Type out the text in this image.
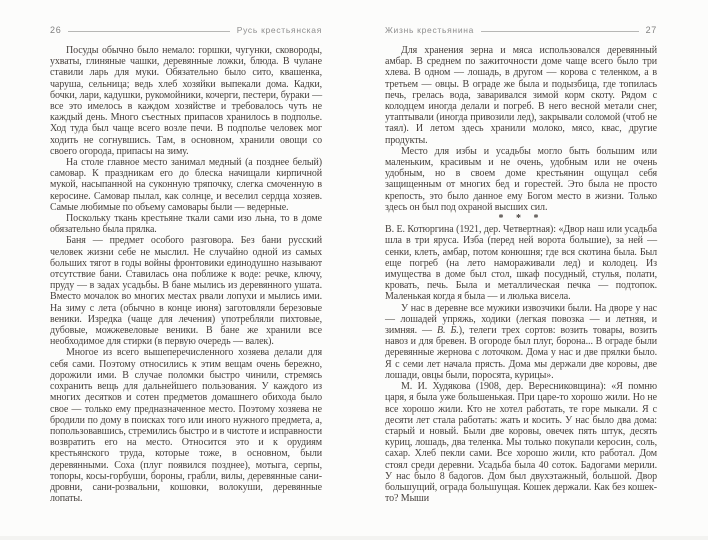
26	Русь крестьянская

Посуды обычно было немало: горшки, чугунки, сковороды, ухваты, глиняные чашки, деревянные ложки, блюда. В чулане ставили ларь для муки. Обязательно было сито, квашенка, чаруша, сельница; ведь хлеб хозяйки выпекали дома. Кадки, бочки, лари, кадушки, рукомойники, кочерги, пестери, бураки — все это имелось в каждом хозяйстве и требовалось чуть не каждый день. Много съестных припасов хранилось в подполье. Ход туда был чаще всего возле печи. В подполье человек мог ходить не согнувшись. Там, в основном, хранили овощи со своего огорода, припасы на зиму.

На столе главное место занимал медный (а позднее белый) самовар. К праздникам его до блеска начищали кирпичной мукой, насыпанной на суконную тряпочку, слегка смоченную в керосине. Самовар пылал, как солнце, и веселил сердца хозяев. Самые любимые по объему самовары были — ведерные.

Поскольку ткань крестьяне ткали сами изо льна, то в доме обязательно была прялка.

Баня — предмет особого разговора. Без бани русский человек жизни себе не мыслил. Не случайно одной из самых больших тягот в годы войны фронтовики единодушно называют отсутствие бани. Ставилась она поближе к воде: речке, ключу, пруду — в задах усадьбы. В бане мылись из деревянного ушата. Вместо мочалок во многих местах рвали лопухи и мылись ими. На зиму с лета (обычно в конце июня) заготовляли березовые веники. Изредка (чаще для лечения) употребляли пихтовые, дубовые, можжевеловые веники. В бане же хранили все необходимое для стирки (в первую очередь — валек).

Многое из всего вышеперечисленного хозяева делали для себя сами. Поэтому относились к этим вещам очень бережно, дорожили ими. В случае поломки быстро чинили, стремясь сохранить вещь для дальнейшего пользования. У каждого из многих десятков и сотен предметов домашнего обихода было свое — только ему предназначенное место. Поэтому хозяева не бродили по дому в поисках того или иного нужного предмета, а, попользовавшись, стремились быстро и в чистоте и исправности возвратить его на место. Относится это и к орудиям крестьянского труда, которые тоже, в основном, были деревянными. Соха (плуг появился позднее), мотыга, серпы, топоры, косы-горбуши, бороны, грабли, вилы, деревянные сани-дровни, сани-розвальни, кошовки, волокуши, деревянные лопаты.

Жизнь крестьянина	27

Для хранения зерна и мяса использовался деревянный амбар. В среднем по зажиточности доме чаще всего было три хлева. В одном — лошадь, в другом — корова с теленком, а в третьем — овцы. В ограде же была и подызбица, где топилась печь, грелась вода, заваривался зимой корм скоту. Рядом с колодцем иногда делали и погреб. В него весной метали снег, утаптывали (иногда привозили лед), закрывали соломой (чтоб не таял). И летом здесь хранили молоко, мясо, квас, другие продукты.

Место для избы и усадьбы могло быть большим или маленьким, красивым и не очень, удобным или не очень удобным, но в своем доме крестьянин ощущал себя защищенным от многих бед и горестей. Это была не просто крепость, это было данное ему Богом место в жизни. Только здесь он был под охраной высших сил.

* * *

В. Е. Котюргина (1921, дер. Четвертная): «Двор наш или усадьба шла в три яруса. Изба (перед ней ворота большие), за ней — сенки, клеть, амбар, потом конюшня; где вся скотина была. Был еще погреб (на лето намораживали лед) и колодец. Из имущества в доме был стол, шкаф посудный, стулья, полати, кровать, печь. Была и металлическая печка — подтопок. Маленькая когда я была — и люлька висела.

У нас в деревне все мужики извозчики были. На дворе у нас — лошадей упряжь, ходики (легкая повозка — и летняя, и зимняя. — В. Б.), телеги трех сортов: возить товары, возить навоз и для бревен. В огороде был плуг, борона... В ограде были деревянные жернова с лоточком. Дома у нас и две прялки было. Я с семи лет начала прясть. Дома мы держали две коровы, две лошади, овцы были, поросята, курицы».

М. И. Худякова (1908, дер. Вересниковщина): «Я помню царя, я была уже большенькая. При царе-то хорошо жили. Но не все хорошо жили. Кто не хотел работать, те горе мыкали. Я с десяти лет стала работать: жать и косить. У нас было два дома: старый и новый. Были две коровы, овечек пять штук, десять куриц, лошадь, два теленка. Мы только покупали керосин, соль, сахар. Хлеб пекли сами. Все хорошо жили, кто работал. Дом стоял среди деревни. Усадьба была 40 соток. Бадогами мерили. У нас было 8 бадогов. Дом был двухэтажный, большой. Двор большущий, ограда большущая. Кошек держали. Как без кошек-то? Мыши
